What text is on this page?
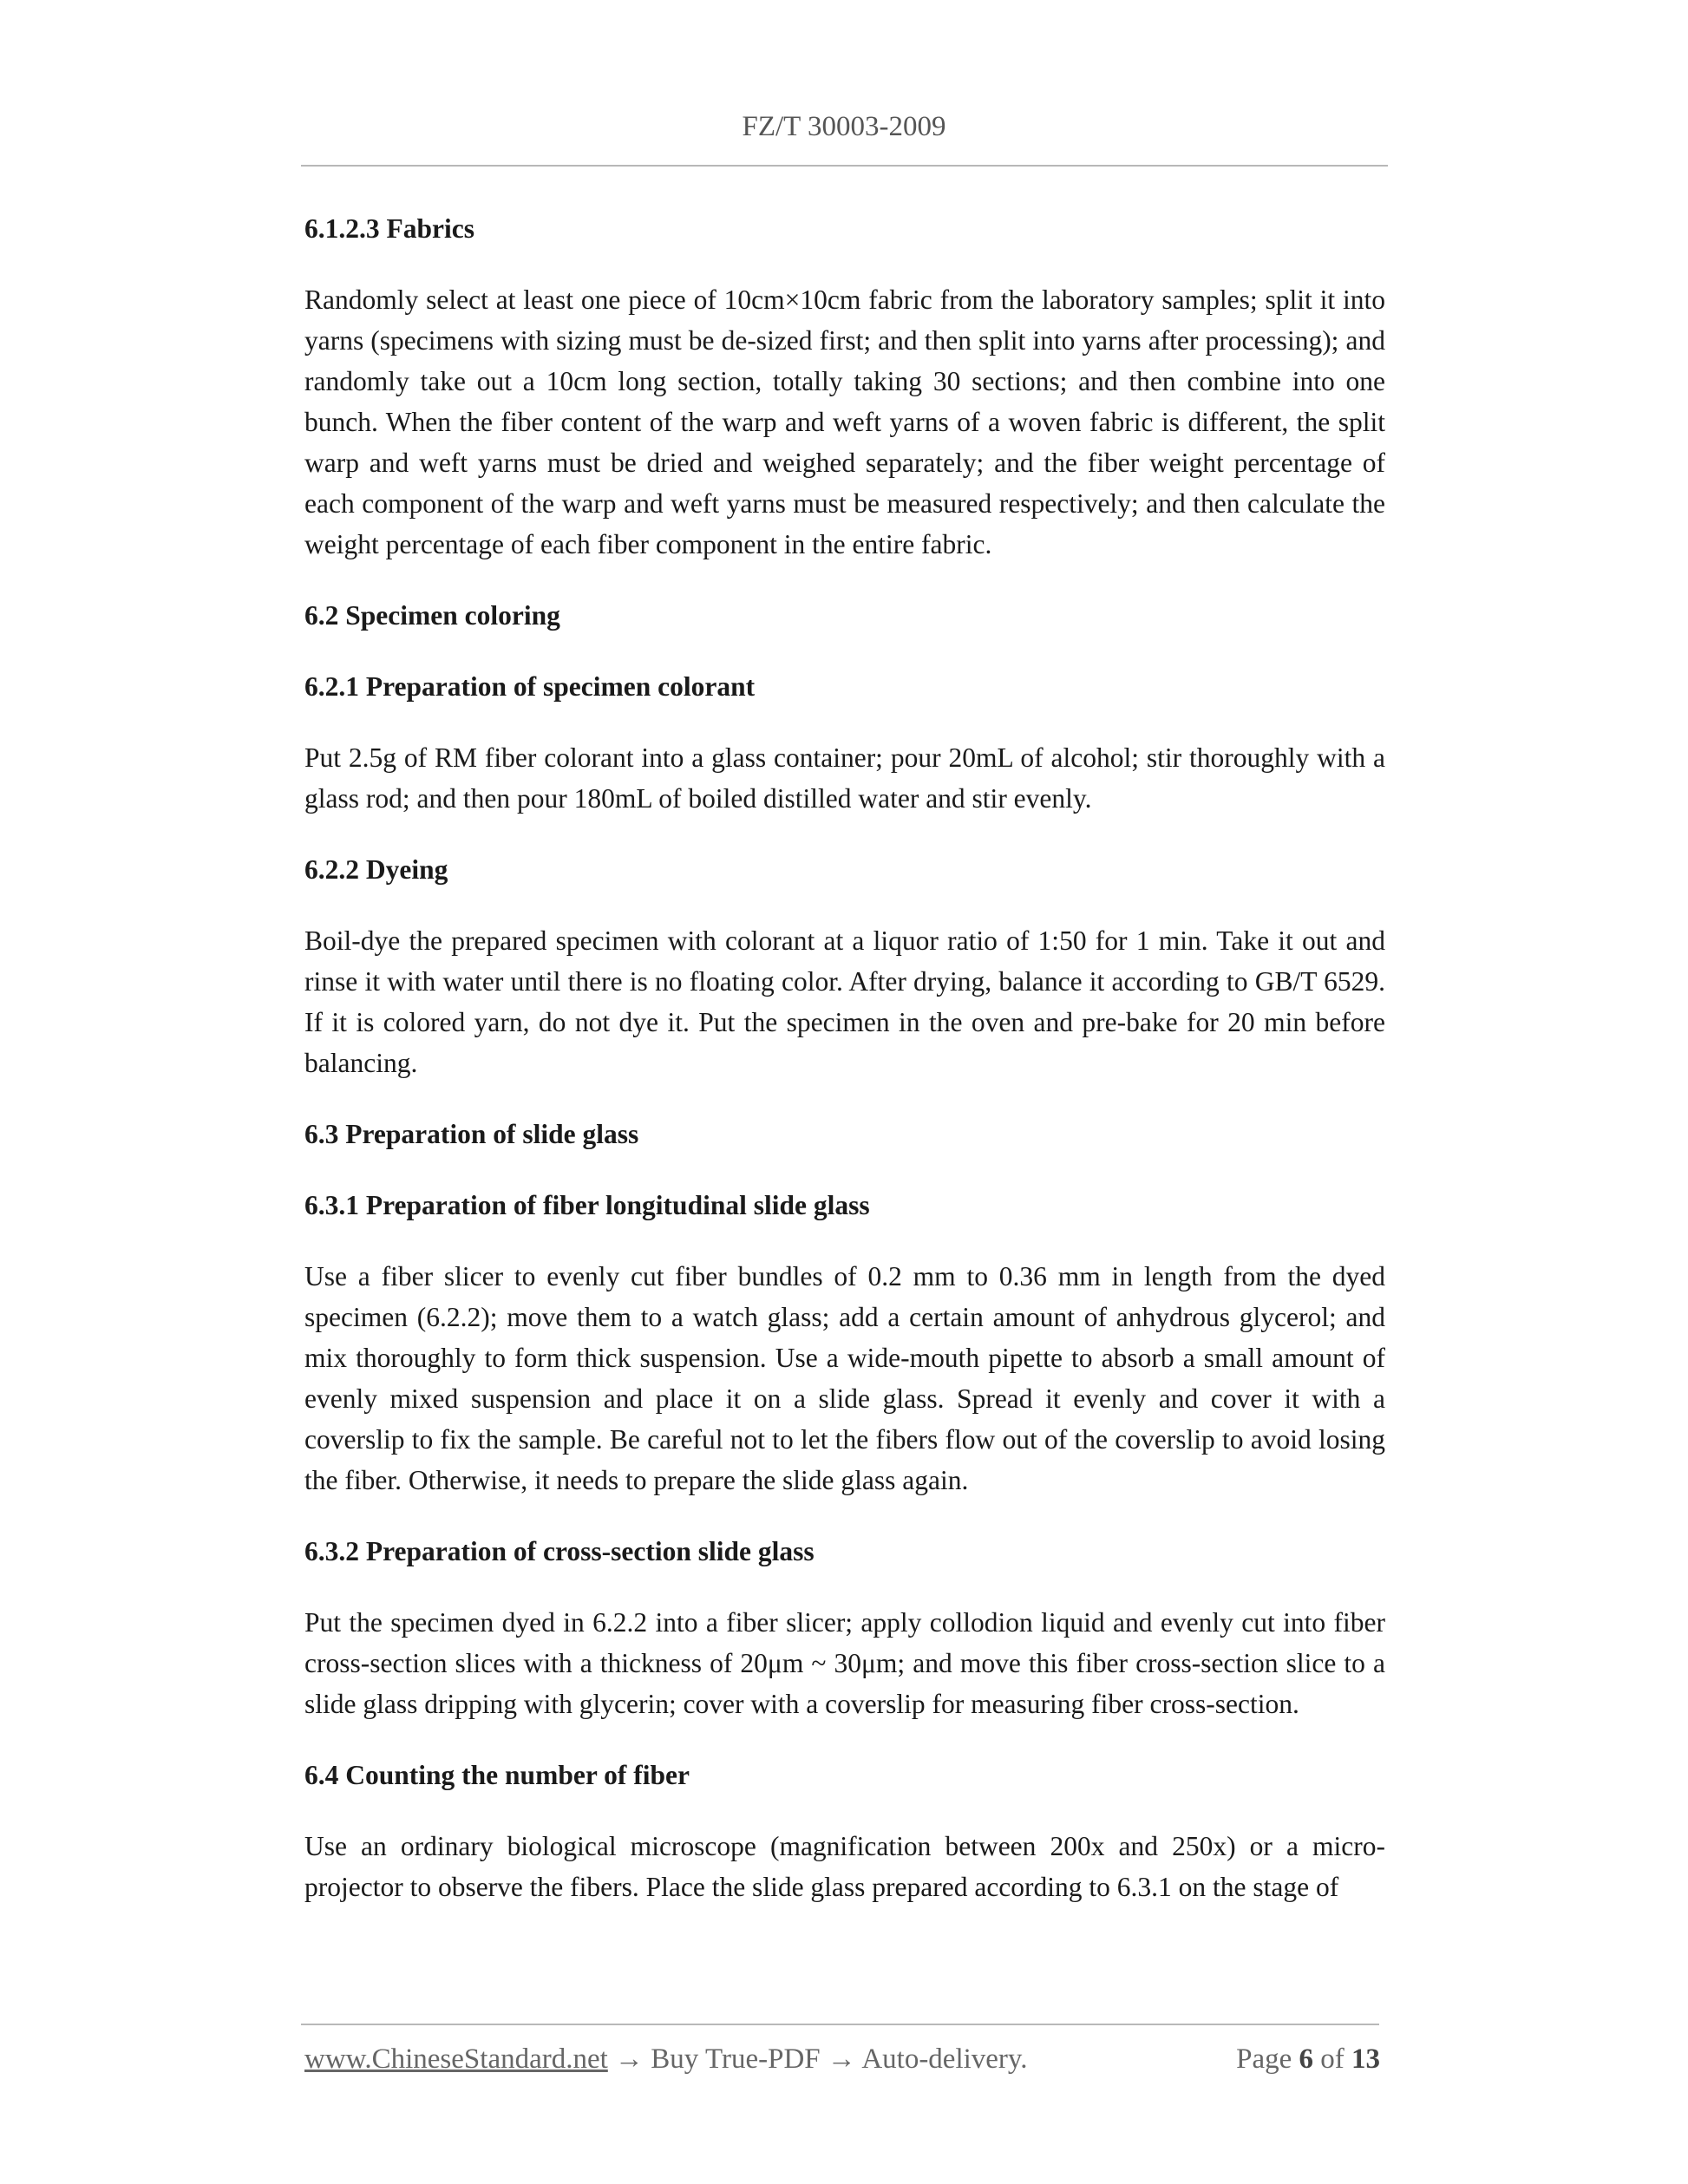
FZ/T 30003-2009
6.1.2.3 Fabrics
Randomly select at least one piece of 10cm×10cm fabric from the laboratory samples; split it into yarns (specimens with sizing must be de-sized first; and then split into yarns after processing); and randomly take out a 10cm long section, totally taking 30 sections; and then combine into one bunch. When the fiber content of the warp and weft yarns of a woven fabric is different, the split warp and weft yarns must be dried and weighed separately; and the fiber weight percentage of each component of the warp and weft yarns must be measured respectively; and then calculate the weight percentage of each fiber component in the entire fabric.
6.2 Specimen coloring
6.2.1 Preparation of specimen colorant
Put 2.5g of RM fiber colorant into a glass container; pour 20mL of alcohol; stir thoroughly with a glass rod; and then pour 180mL of boiled distilled water and stir evenly.
6.2.2 Dyeing
Boil-dye the prepared specimen with colorant at a liquor ratio of 1:50 for 1 min. Take it out and rinse it with water until there is no floating color. After drying, balance it according to GB/T 6529. If it is colored yarn, do not dye it. Put the specimen in the oven and pre-bake for 20 min before balancing.
6.3 Preparation of slide glass
6.3.1 Preparation of fiber longitudinal slide glass
Use a fiber slicer to evenly cut fiber bundles of 0.2 mm to 0.36 mm in length from the dyed specimen (6.2.2); move them to a watch glass; add a certain amount of anhydrous glycerol; and mix thoroughly to form thick suspension. Use a wide-mouth pipette to absorb a small amount of evenly mixed suspension and place it on a slide glass. Spread it evenly and cover it with a coverslip to fix the sample. Be careful not to let the fibers flow out of the coverslip to avoid losing the fiber. Otherwise, it needs to prepare the slide glass again.
6.3.2 Preparation of cross-section slide glass
Put the specimen dyed in 6.2.2 into a fiber slicer; apply collodion liquid and evenly cut into fiber cross-section slices with a thickness of 20μm ~ 30μm; and move this fiber cross-section slice to a slide glass dripping with glycerin; cover with a coverslip for measuring fiber cross-section.
6.4 Counting the number of fiber
Use an ordinary biological microscope (magnification between 200x and 250x) or a micro-projector to observe the fibers. Place the slide glass prepared according to 6.3.1 on the stage of
www.ChineseStandard.net → Buy True-PDF → Auto-delivery.	Page 6 of 13
